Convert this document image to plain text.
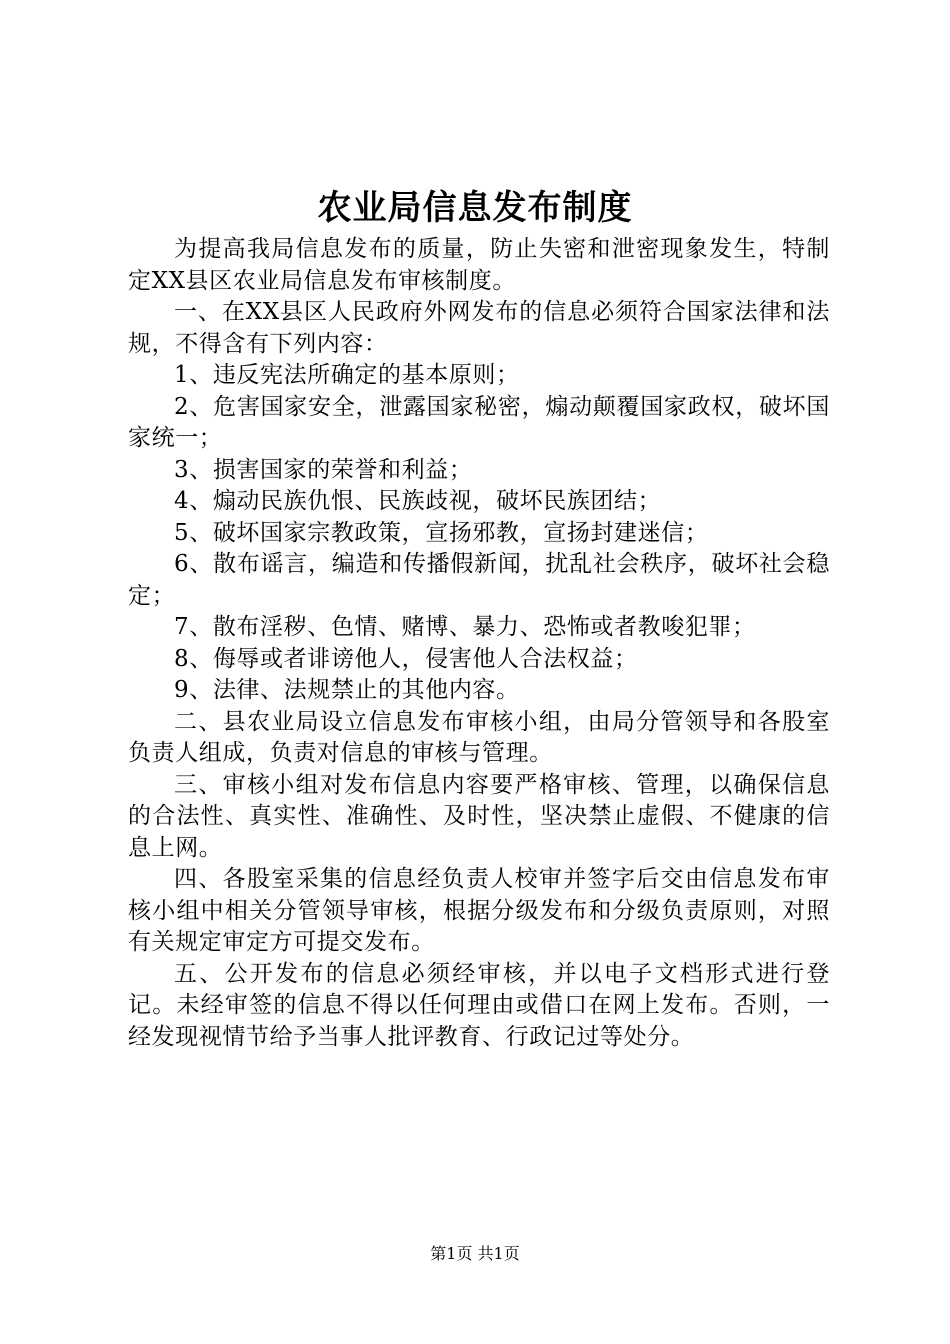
农业局信息发布制度

为提高我局信息发布的质量，防止失密和泄密现象发生，特制定XX县区农业局信息发布审核制度。

一、在XX县区人民政府外网发布的信息必须符合国家法律和法规，不得含有下列内容：

1、违反宪法所确定的基本原则；

2、危害国家安全，泄露国家秘密，煽动颠覆国家政权，破坏国家统一；

3、损害国家的荣誉和利益；

4、煽动民族仇恨、民族歧视，破坏民族团结；

5、破坏国家宗教政策，宣扬邪教，宣扬封建迷信；

6、散布谣言，编造和传播假新闻，扰乱社会秩序，破坏社会稳定；

7、散布淫秽、色情、赌博、暴力、恐怖或者教唆犯罪；

8、侮辱或者诽谤他人，侵害他人合法权益；

9、法律、法规禁止的其他内容。

二、县农业局设立信息发布审核小组，由局分管领导和各股室负责人组成，负责对信息的审核与管理。

三、审核小组对发布信息内容要严格审核、管理，以确保信息的合法性、真实性、准确性、及时性，坚决禁止虚假、不健康的信息上网。

四、各股室采集的信息经负责人校审并签字后交由信息发布审核小组中相关分管领导审核，根据分级发布和分级负责原则，对照有关规定审定方可提交发布。

五、公开发布的信息必须经审核，并以电子文档形式进行登记。未经审签的信息不得以任何理由或借口在网上发布。否则，一经发现视情节给予当事人批评教育、行政记过等处分。

第1页 共1页
